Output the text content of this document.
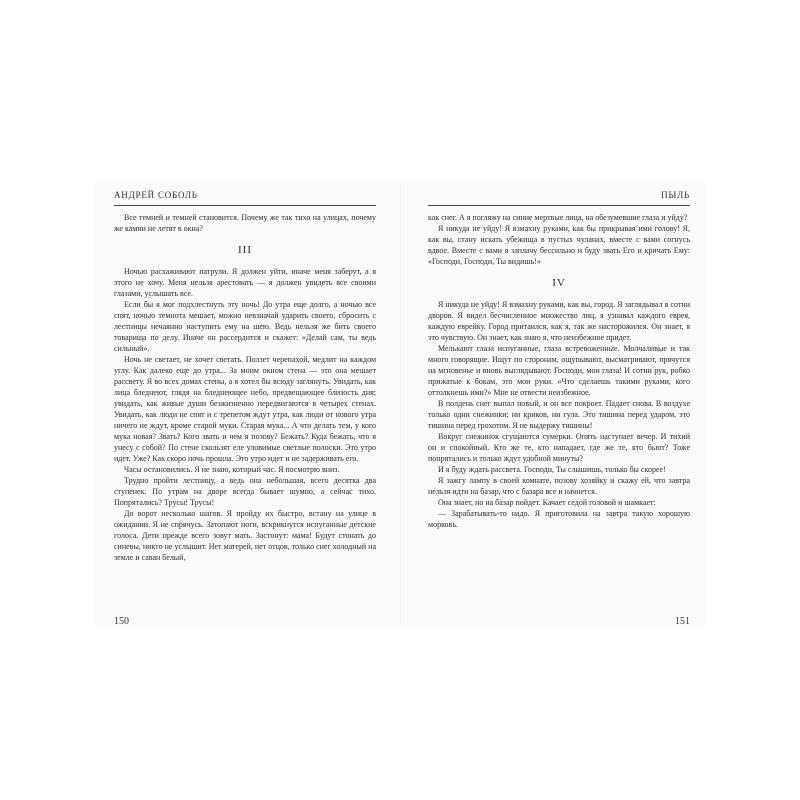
АНДРЕЙ СОБОЛЬ

Все темней и темней становится. Почему же так тихо на улицах, почему же камни не летят в окна?

III

Ночью расхаживают патрули. Я должен уйти, иначе меня заберут, а я этого не хочу. Меня нельзя арестовать — я должен увидеть все своими глазами, услышать все.

Если бы я мог подхлестнуть эту ночь! До утра еще долго, а ночью все спят, ночью темнота мешает, можно невзначай ударить своего, сбросить с лестницы нечаянно наступить ему на шею. Ведь нельзя же бить своего товарища по делу. Иначе он рассердится и скажет: «Делай сам, ты ведь сильный».

Ночь не светает, не хочет светать. Ползет черепахой, медлит на каждом углу. Как далеко еще до утра... За моим окном стена — это она мешает рассвету. Я во всех домах стены, а я хотел бы всюду заглянуть. Увидать, как лица бледнеют, глядя на бледнеющее небо, предвещающее близость дня; увидать, как живые души безжизненно передвигаются в четырех стенах. Увидать, как люди не спят и с трепетом ждут утра, как люди от нового утра ничего не ждут, кроме старой муки. Старая мука... А что делать тем, у кого мука новая? Звать? Кого звать и чем я позову? Бежать? Куда бежать, что я унесу с собой? По стене скользят еле уловимые светлые полоски. Это утро идет. Уже? Как скоро ночь прошла. Это утро идет и не задерживать его.

Часы остановились. Я не знаю, который час. Я посмотрю вниз.

Трудно пройти лестницу, а ведь она небольшая, всего десятка два ступенек. По утрам на дворе всегда бывает шумно, а сейчас тихо. Попрятались? Трусы! Трусы!

До ворот несколько шагов. Я пройду их быстро, встану на улице в ожидании. Я не спрячусь. Затопают ноги, вскрикнутся испуганные детские голоса. Дети прежде всего зовут мать. Застонут: мама! Будут стонать до синевы, никто не услышит. Нет матерей, нет отцов, только снег холодный на земле и саван белый,

150
ПЫЛЬ

как снег. А я погляжу на синие мертвые лица, на обезумевшие глаза и уйду?

Я никуда не уйду! Я взмахну руками, как бы прикрывая ими голову! Я, как вы, стану искать убежища в пустых чуланах, вместе с вами согнусь вдвое. Вместе с вами я заплачу бессильно и буду звать Его и кричать Ему: «Господи, Господи, Ты видишь!»

IV

Я никуда не уйду! Я взмахну руками, как вы, город. Я заглядывал в сотни дворов. Я видел бесчисленное множество лиц, я узнавал каждого еврея, каждую еврейку. Город притаился, как я, так же насторожился. Он знает, я это чувствую. Он знает, как знаю я, что неизбежное придет.

Мелькают глаза испуганные, глаза встревоженные. Молчаливые и так много говорящие. Ищут по сторонам, ощупывают, высматривают, прячутся на мгновенье и вновь выглядывают. Господи, мои глаза! И сотни рук, робко прижатые к бокам, это мои руки. «Что сделаешь такими руками, кого оттолкнешь ими?» Мне не отвести неизбежное.

В полдень снег выпал новый, и он все покроет. Падает снова. В воздухе только одни снежинки; ни криков, ни гула. Это тишина перед ударом, это тишина перед грохотом. Я не выдержу тишины!

Вокруг снежинок сгущаются сумерки. Опять наступает вечер. И тихий он и спокойный. Кто же те, кто нападает, где же те, кто бьют? Тоже попрятались и только ждут удобной минуты?

И я буду ждать рассвета. Господи, Ты слышишь, только бы скорее!

Я зажгу лампу в своей комнате, позову хозяйку и скажу ей, что завтра нельзя идти на базар, что с базара все и начнется.

Она знает, но на базар пойдет. Качает седой головой и шамкает:

— Зарабатывать-то надо. Я приготовила на завтра такую хорошую морковь.

151
